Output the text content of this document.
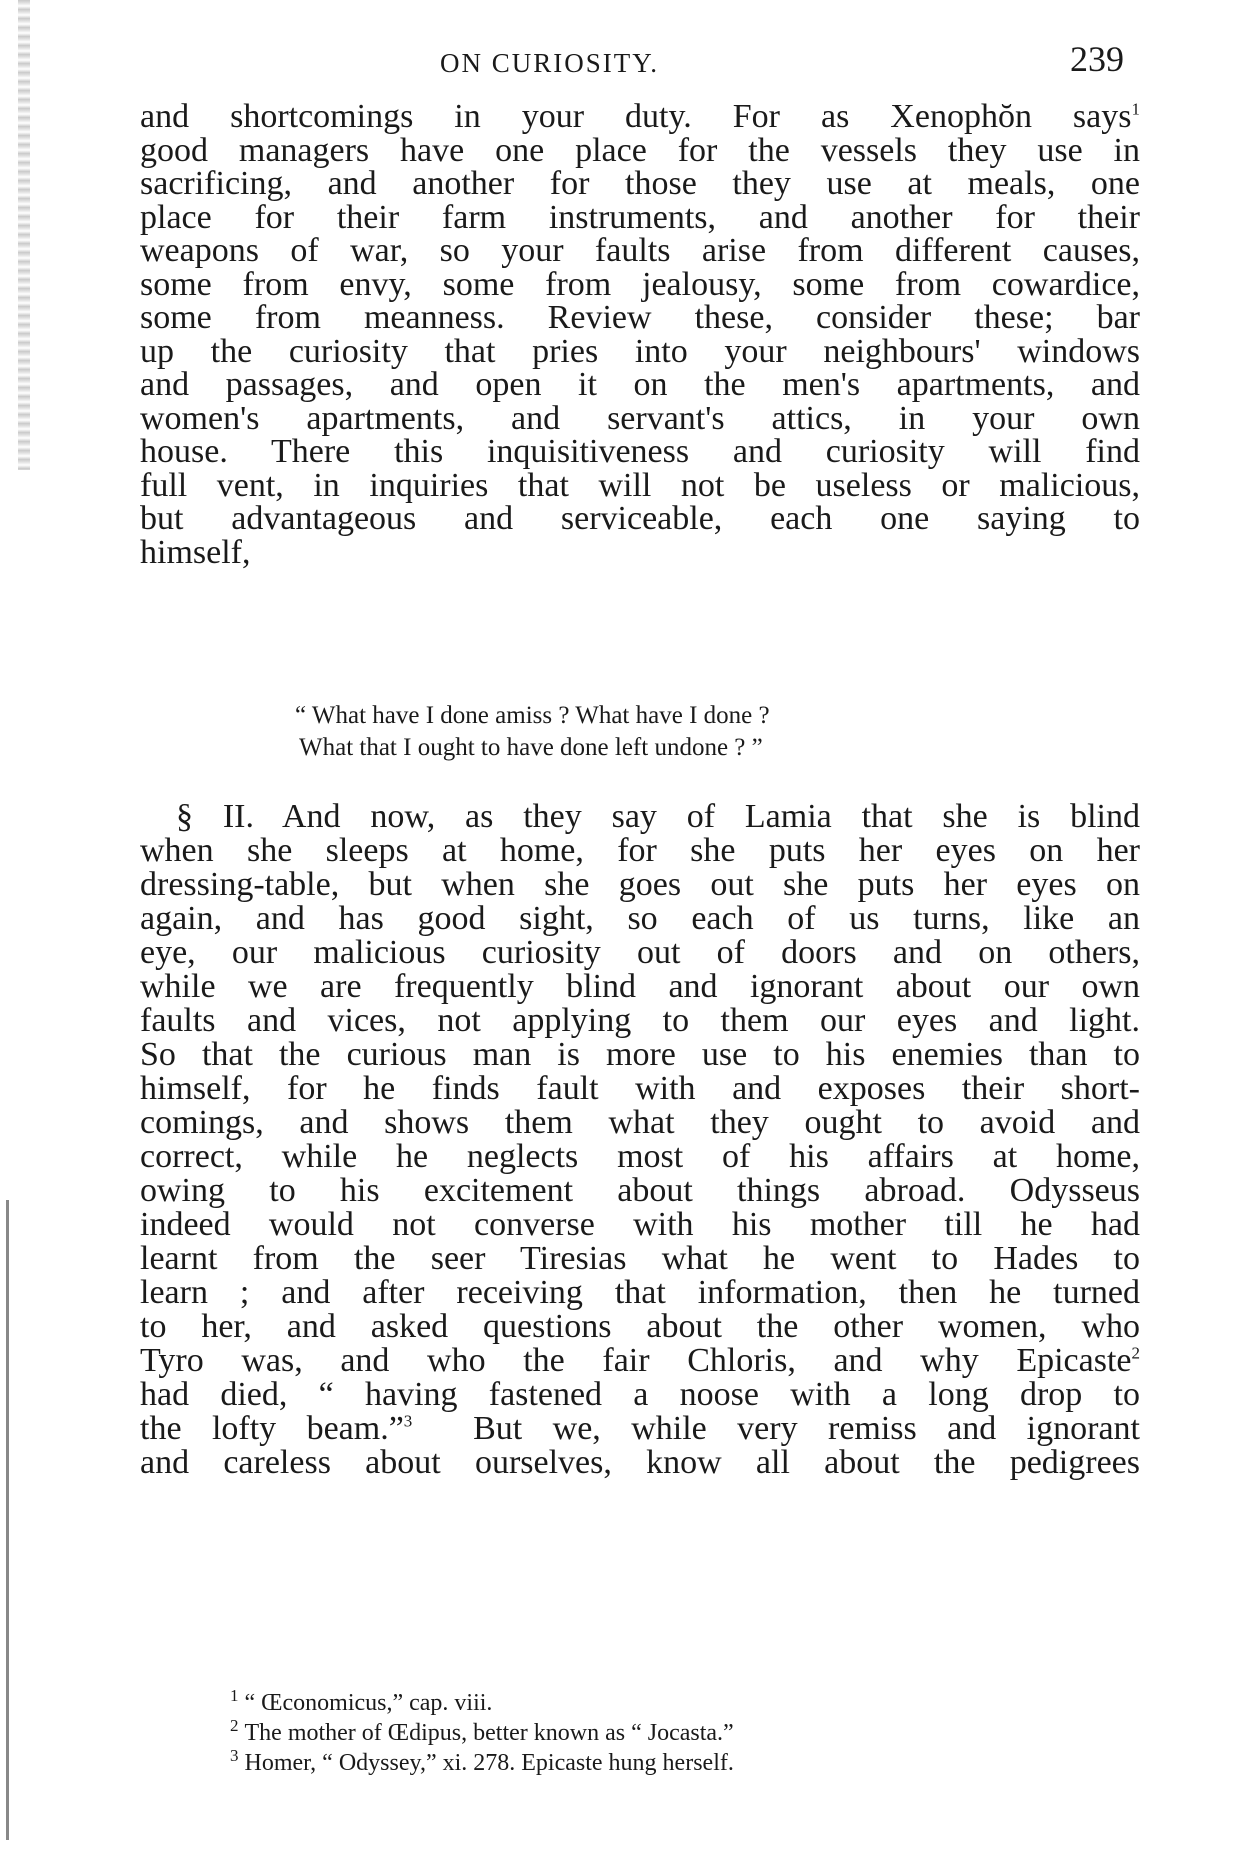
ON CURIOSITY.	239
and shortcomings in your duty. For as Xenophŏn says$^1$
good managers have one place for the vessels they use in
sacrificing, and another for those they use at meals, one
place for their farm instruments, and another for their
weapons of war, so your faults arise from different causes,
some from envy, some from jealousy, some from cowardice,
some from meanness. Review these, consider these; bar
up the curiosity that pries into your neighbours' windows
and passages, and open it on the men's apartments, and
women's apartments, and servant's attics, in your own
house. There this inquisitiveness and curiosity will find
full vent, in inquiries that will not be useless or malicious,
but advantageous and serviceable, each one saying to
himself,
“ What have I done amiss ? What have I done ?
What that I ought to have done left undone ? ”
§ II. And now, as they say of Lamia that she is blind
when she sleeps at home, for she puts her eyes on her
dressing-table, but when she goes out she puts her eyes on
again, and has good sight, so each of us turns, like an
eye, our malicious curiosity out of doors and on others,
while we are frequently blind and ignorant about our own
faults and vices, not applying to them our eyes and light.
So that the curious man is more use to his enemies than to
himself, for he finds fault with and exposes their short-
comings, and shows them what they ought to avoid and
correct, while he neglects most of his affairs at home,
owing to his excitement about things abroad. Odysseus
indeed would not converse with his mother till he had
learnt from the seer Tiresias what he went to Hades to
learn ; and after receiving that information, then he turned
to her, and asked questions about the other women, who
Tyro was, and who the fair Chloris, and why Epicaste$^2$
had died, “ having fastened a noose with a long drop to
the lofty beam.”$^3$  But we, while very remiss and ignorant
and careless about ourselves, know all about the pedigrees
$^1$ “ Œconomicus,” cap. viii.
$^2$ The mother of Œdipus, better known as “ Jocasta.”
$^3$ Homer, “ Odyssey,” xi. 278. Epicaste hung herself.
